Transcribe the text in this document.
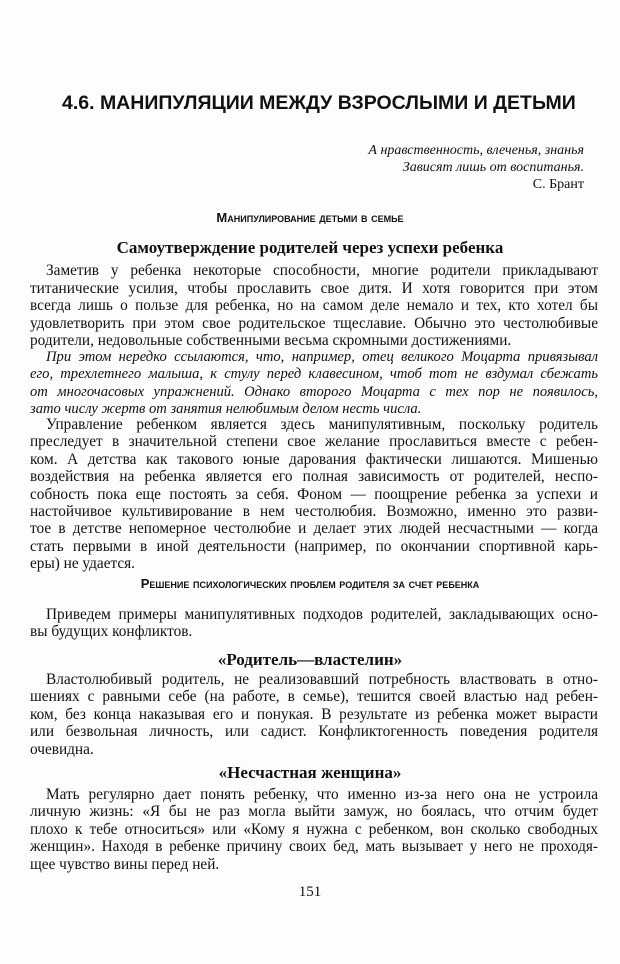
4.6. МАНИПУЛЯЦИИ МЕЖДУ ВЗРОСЛЫМИ И ДЕТЬМИ
А нравственность, влеченья, знанья
Зависят лишь от воспитанья.
С. Брант
Манипулирование детьми в семье
Самоутверждение родителей через успехи ребенка
Заметив у ребенка некоторые способности, многие родители прикладывают
титанические усилия, чтобы прославить свое дитя. И хотя говорится при этом
всегда лишь о пользе для ребенка, но на самом деле немало и тех, кто хотел бы
удовлетворить при этом свое родительское тщеславие. Обычно это честолюбивые
родители, недовольные собственными весьма скромными достижениями.
При этом нередко ссылаются, что, например, отец великого Моцарта привязывал
его, трехлетнего малыша, к стулу перед клавесином, чтоб тот не вздумал сбежать
от многочасовых упражнений. Однако второго Моцарта с тех пор не появилось,
зато числу жертв от занятия нелюбимым делом несть числа.
Управление ребенком является здесь манипулятивным, поскольку родитель
преследует в значительной степени свое желание прославиться вместе с ребен-
ком. А детства как такового юные дарования фактически лишаются. Мишенью
воздействия на ребенка является его полная зависимость от родителей, неспо-
собность пока еще постоять за себя. Фоном — поощрение ребенка за успехи и
настойчивое культивирование в нем честолюбия. Возможно, именно это разви-
тое в детстве непомерное честолюбие и делает этих людей несчастными — когда
стать первыми в иной деятельности (например, по окончании спортивной карь-
еры) не удается.
Решение психологических проблем родителя за счет ребенка
Приведем примеры манипулятивных подходов родителей, закладывающих осно-
вы будущих конфликтов.
«Родитель—властелин»
Властолюбивый родитель, не реализовавший потребность властвовать в отно-
шениях с равными себе (на работе, в семье), тешится своей властью над ребен-
ком, без конца наказывая его и понукая. В результате из ребенка может вырасти
или безвольная личность, или садист. Конфликтогенность поведения родителя
очевидна.
«Несчастная женщина»
Мать регулярно дает понять ребенку, что именно из-за него она не устроила
личную жизнь: «Я бы не раз могла выйти замуж, но боялась, что отчим будет
плохо к тебе относиться» или «Кому я нужна с ребенком, вон сколько свободных
женщин». Находя в ребенке причину своих бед, мать вызывает у него не проходя-
щее чувство вины перед ней.
151
